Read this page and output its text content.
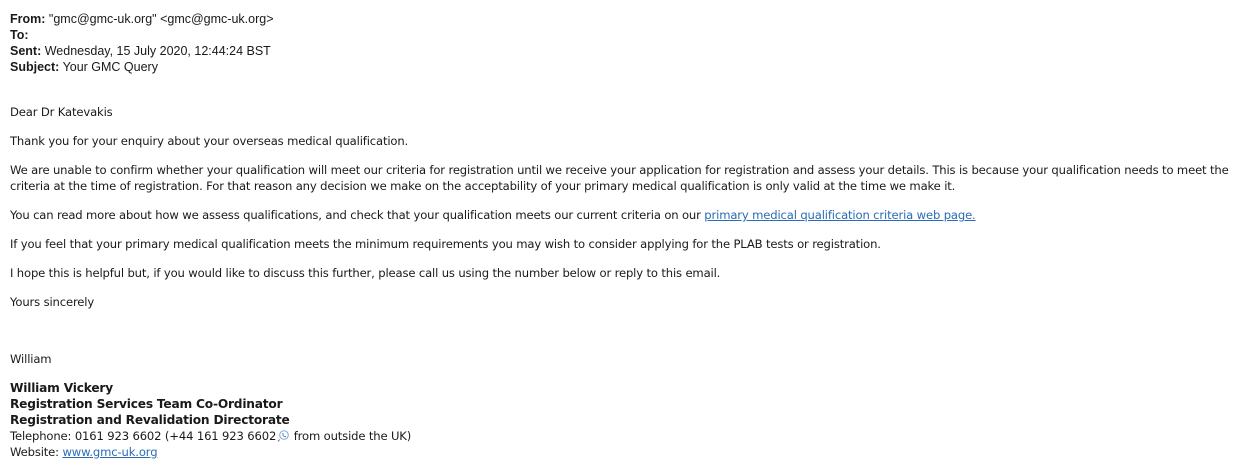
From: "gmc@gmc-uk.org" <gmc@gmc-uk.org>
To:
Sent: Wednesday, 15 July 2020, 12:44:24 BST
Subject: Your GMC Query
Dear Dr Katevakis
Thank you for your enquiry about your overseas medical qualification.
We are unable to confirm whether your qualification will meet our criteria for registration until we receive your application for registration and assess your details. This is because your qualification needs to meet the
criteria at the time of registration. For that reason any decision we make on the acceptability of your primary medical qualification is only valid at the time we make it.
You can read more about how we assess qualifications, and check that your qualification meets our current criteria on our primary medical qualification criteria web page.
If you feel that your primary medical qualification meets the minimum requirements you may wish to consider applying for the PLAB tests or registration.
I hope this is helpful but, if you would like to discuss this further, please call us using the number below or reply to this email.
Yours sincerely
William
William Vickery
Registration Services Team Co-Ordinator
Registration and Revalidation Directorate
Telephone: 0161 923 6602 (+44 161 923 6602 from outside the UK)
Website: www.gmc-uk.org
